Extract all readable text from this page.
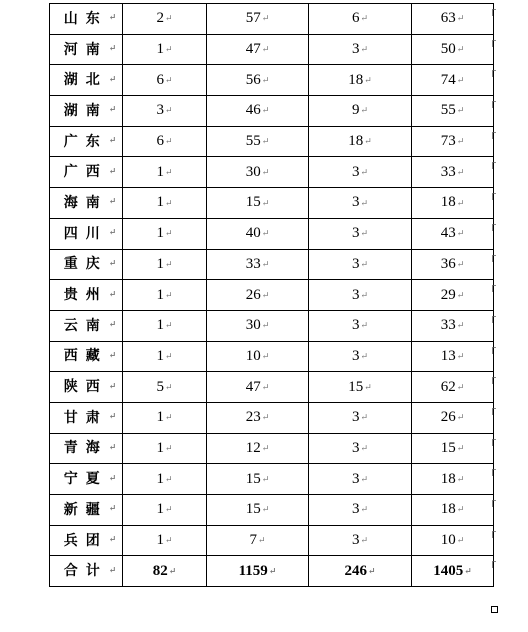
山东↵	2↵	57↵	6↵	63↵
河南↵	1↵	47↵	3↵	50↵
湖北↵	6↵	56↵	18↵	74↵
湖南↵	3↵	46↵	9↵	55↵
广东↵	6↵	55↵	18↵	73↵
广西↵	1↵	30↵	3↵	33↵
海南↵	1↵	15↵	3↵	18↵
四川↵	1↵	40↵	3↵	43↵
重庆↵	1↵	33↵	3↵	36↵
贵州↵	1↵	26↵	3↵	29↵
云南↵	1↵	30↵	3↵	33↵
西藏↵	1↵	10↵	3↵	13↵
陕西↵	5↵	47↵	15↵	62↵
甘肃↵	1↵	23↵	3↵	26↵
青海↵	1↵	12↵	3↵	15↵
宁夏↵	1↵	15↵	3↵	18↵
新疆↵	1↵	15↵	3↵	18↵
兵团↵	1↵	7↵	3↵	10↵
合计↵	82↵	1159↵	246↵	1405↵
